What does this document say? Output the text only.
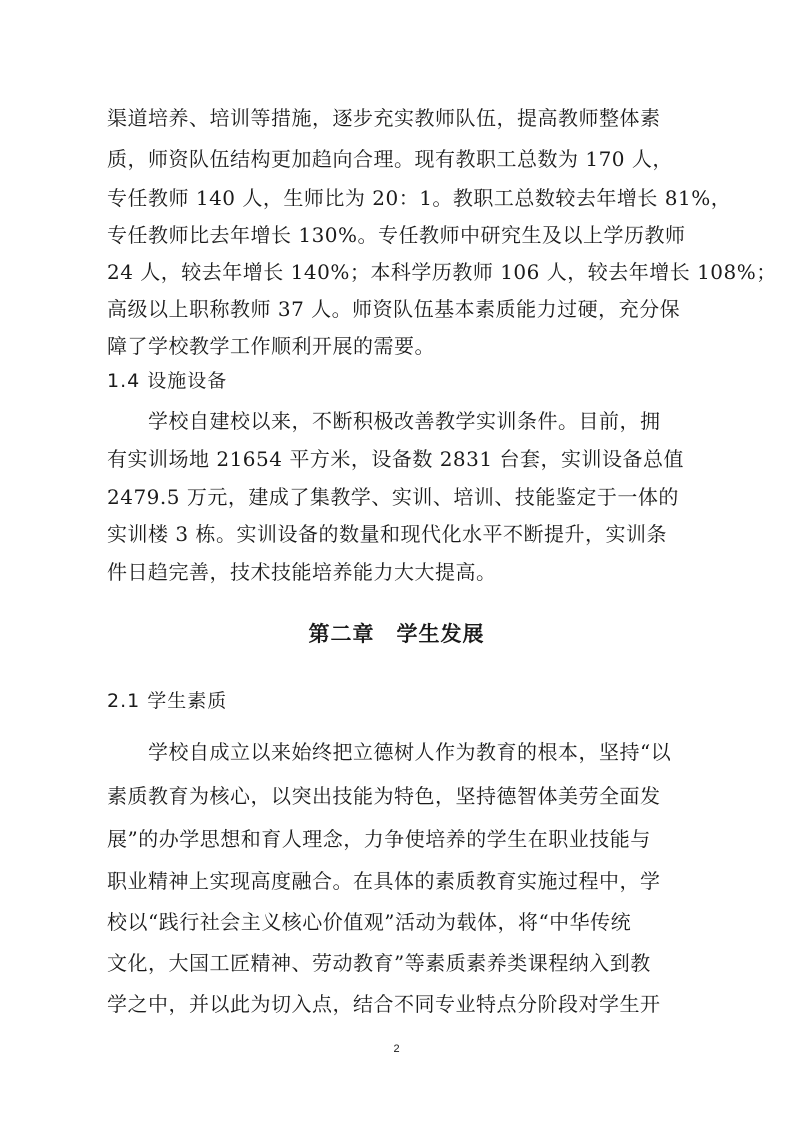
渠道培养、培训等措施，逐步充实教师队伍，提高教师整体素
质，师资队伍结构更加趋向合理。现有教职工总数为 170 人，
专任教师 140 人，生师比为 20：1。教职工总数较去年增长 81%，
专任教师比去年增长 130%。专任教师中研究生及以上学历教师
24 人，较去年增长 140%；本科学历教师 106 人，较去年增长 108%；
高级以上职称教师 37 人。师资队伍基本素质能力过硬，充分保
障了学校教学工作顺利开展的需要。
1.4 设施设备
　　学校自建校以来，不断积极改善教学实训条件。目前，拥
有实训场地 21654 平方米，设备数 2831 台套，实训设备总值
2479.5 万元，建成了集教学、实训、培训、技能鉴定于一体的
实训楼 3 栋。实训设备的数量和现代化水平不断提升，实训条
件日趋完善，技术技能培养能力大大提高。
第二章　学生发展
2.1 学生素质
　　学校自成立以来始终把立德树人作为教育的根本，坚持“以
素质教育为核心，以突出技能为特色，坚持德智体美劳全面发
展”的办学思想和育人理念，力争使培养的学生在职业技能与
职业精神上实现高度融合。在具体的素质教育实施过程中，学
校以“践行社会主义核心价值观”活动为载体，将“中华传统
文化，大国工匠精神、劳动教育”等素质素养类课程纳入到教
学之中，并以此为切入点，结合不同专业特点分阶段对学生开
2
